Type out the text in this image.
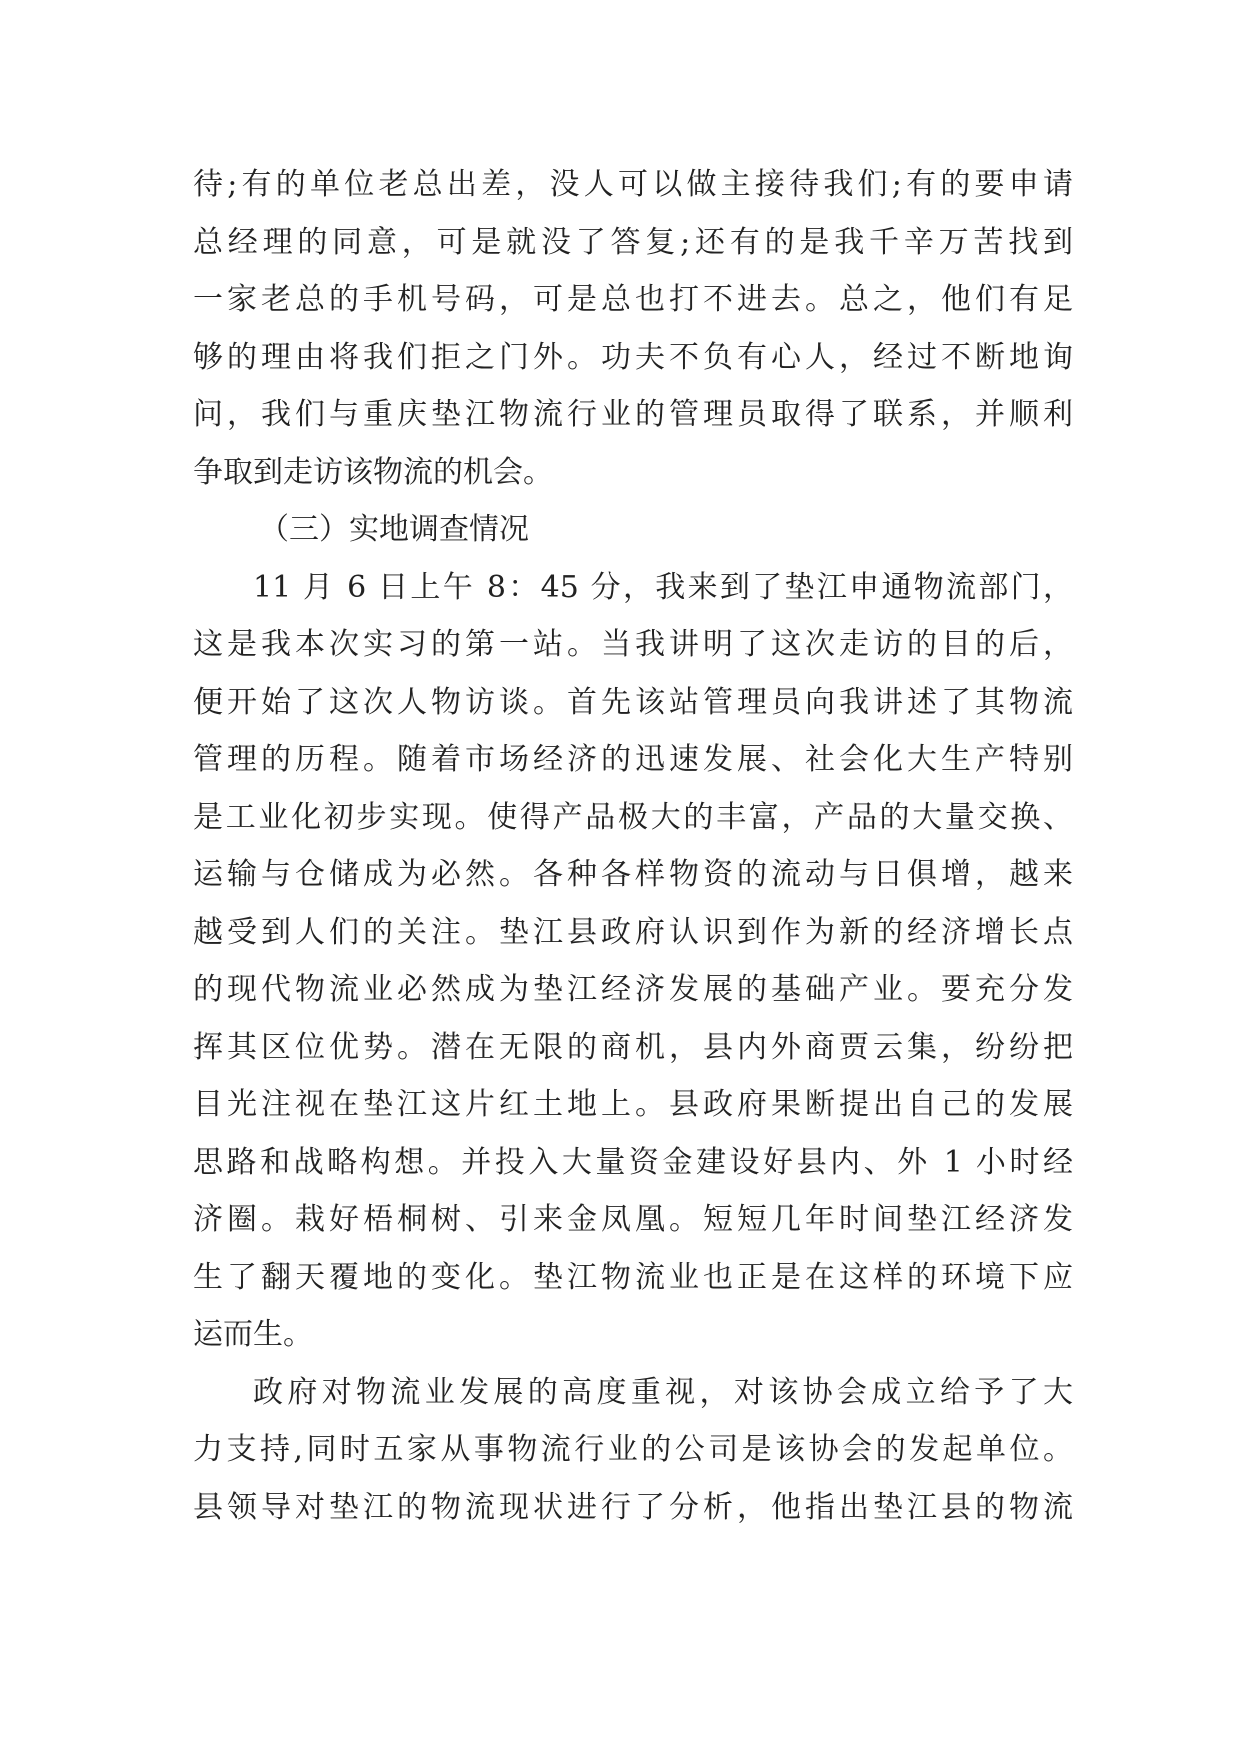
待;有的单位老总出差，没人可以做主接待我们;有的要申请
总经理的同意，可是就没了答复;还有的是我千辛万苦找到
一家老总的手机号码，可是总也打不进去。总之，他们有足
够的理由将我们拒之门外。功夫不负有心人，经过不断地询
问，我们与重庆垫江物流行业的管理员取得了联系，并顺利
争取到走访该物流的机会。
（三）实地调查情况
11 月 6 日上午 8：45 分，我来到了垫江申通物流部门，
这是我本次实习的第一站。当我讲明了这次走访的目的后，
便开始了这次人物访谈。首先该站管理员向我讲述了其物流
管理的历程。随着市场经济的迅速发展、社会化大生产特别
是工业化初步实现。使得产品极大的丰富，产品的大量交换、
运输与仓储成为必然。各种各样物资的流动与日俱增，越来
越受到人们的关注。垫江县政府认识到作为新的经济增长点
的现代物流业必然成为垫江经济发展的基础产业。要充分发
挥其区位优势。潜在无限的商机，县内外商贾云集，纷纷把
目光注视在垫江这片红土地上。县政府果断提出自己的发展
思路和战略构想。并投入大量资金建设好县内、外 1 小时经
济圈。栽好梧桐树、引来金凤凰。短短几年时间垫江经济发
生了翻天覆地的变化。垫江物流业也正是在这样的环境下应
运而生。
政府对物流业发展的高度重视，对该协会成立给予了大
力支持,同时五家从事物流行业的公司是该协会的发起单位。
县领导对垫江的物流现状进行了分析，他指出垫江县的物流
